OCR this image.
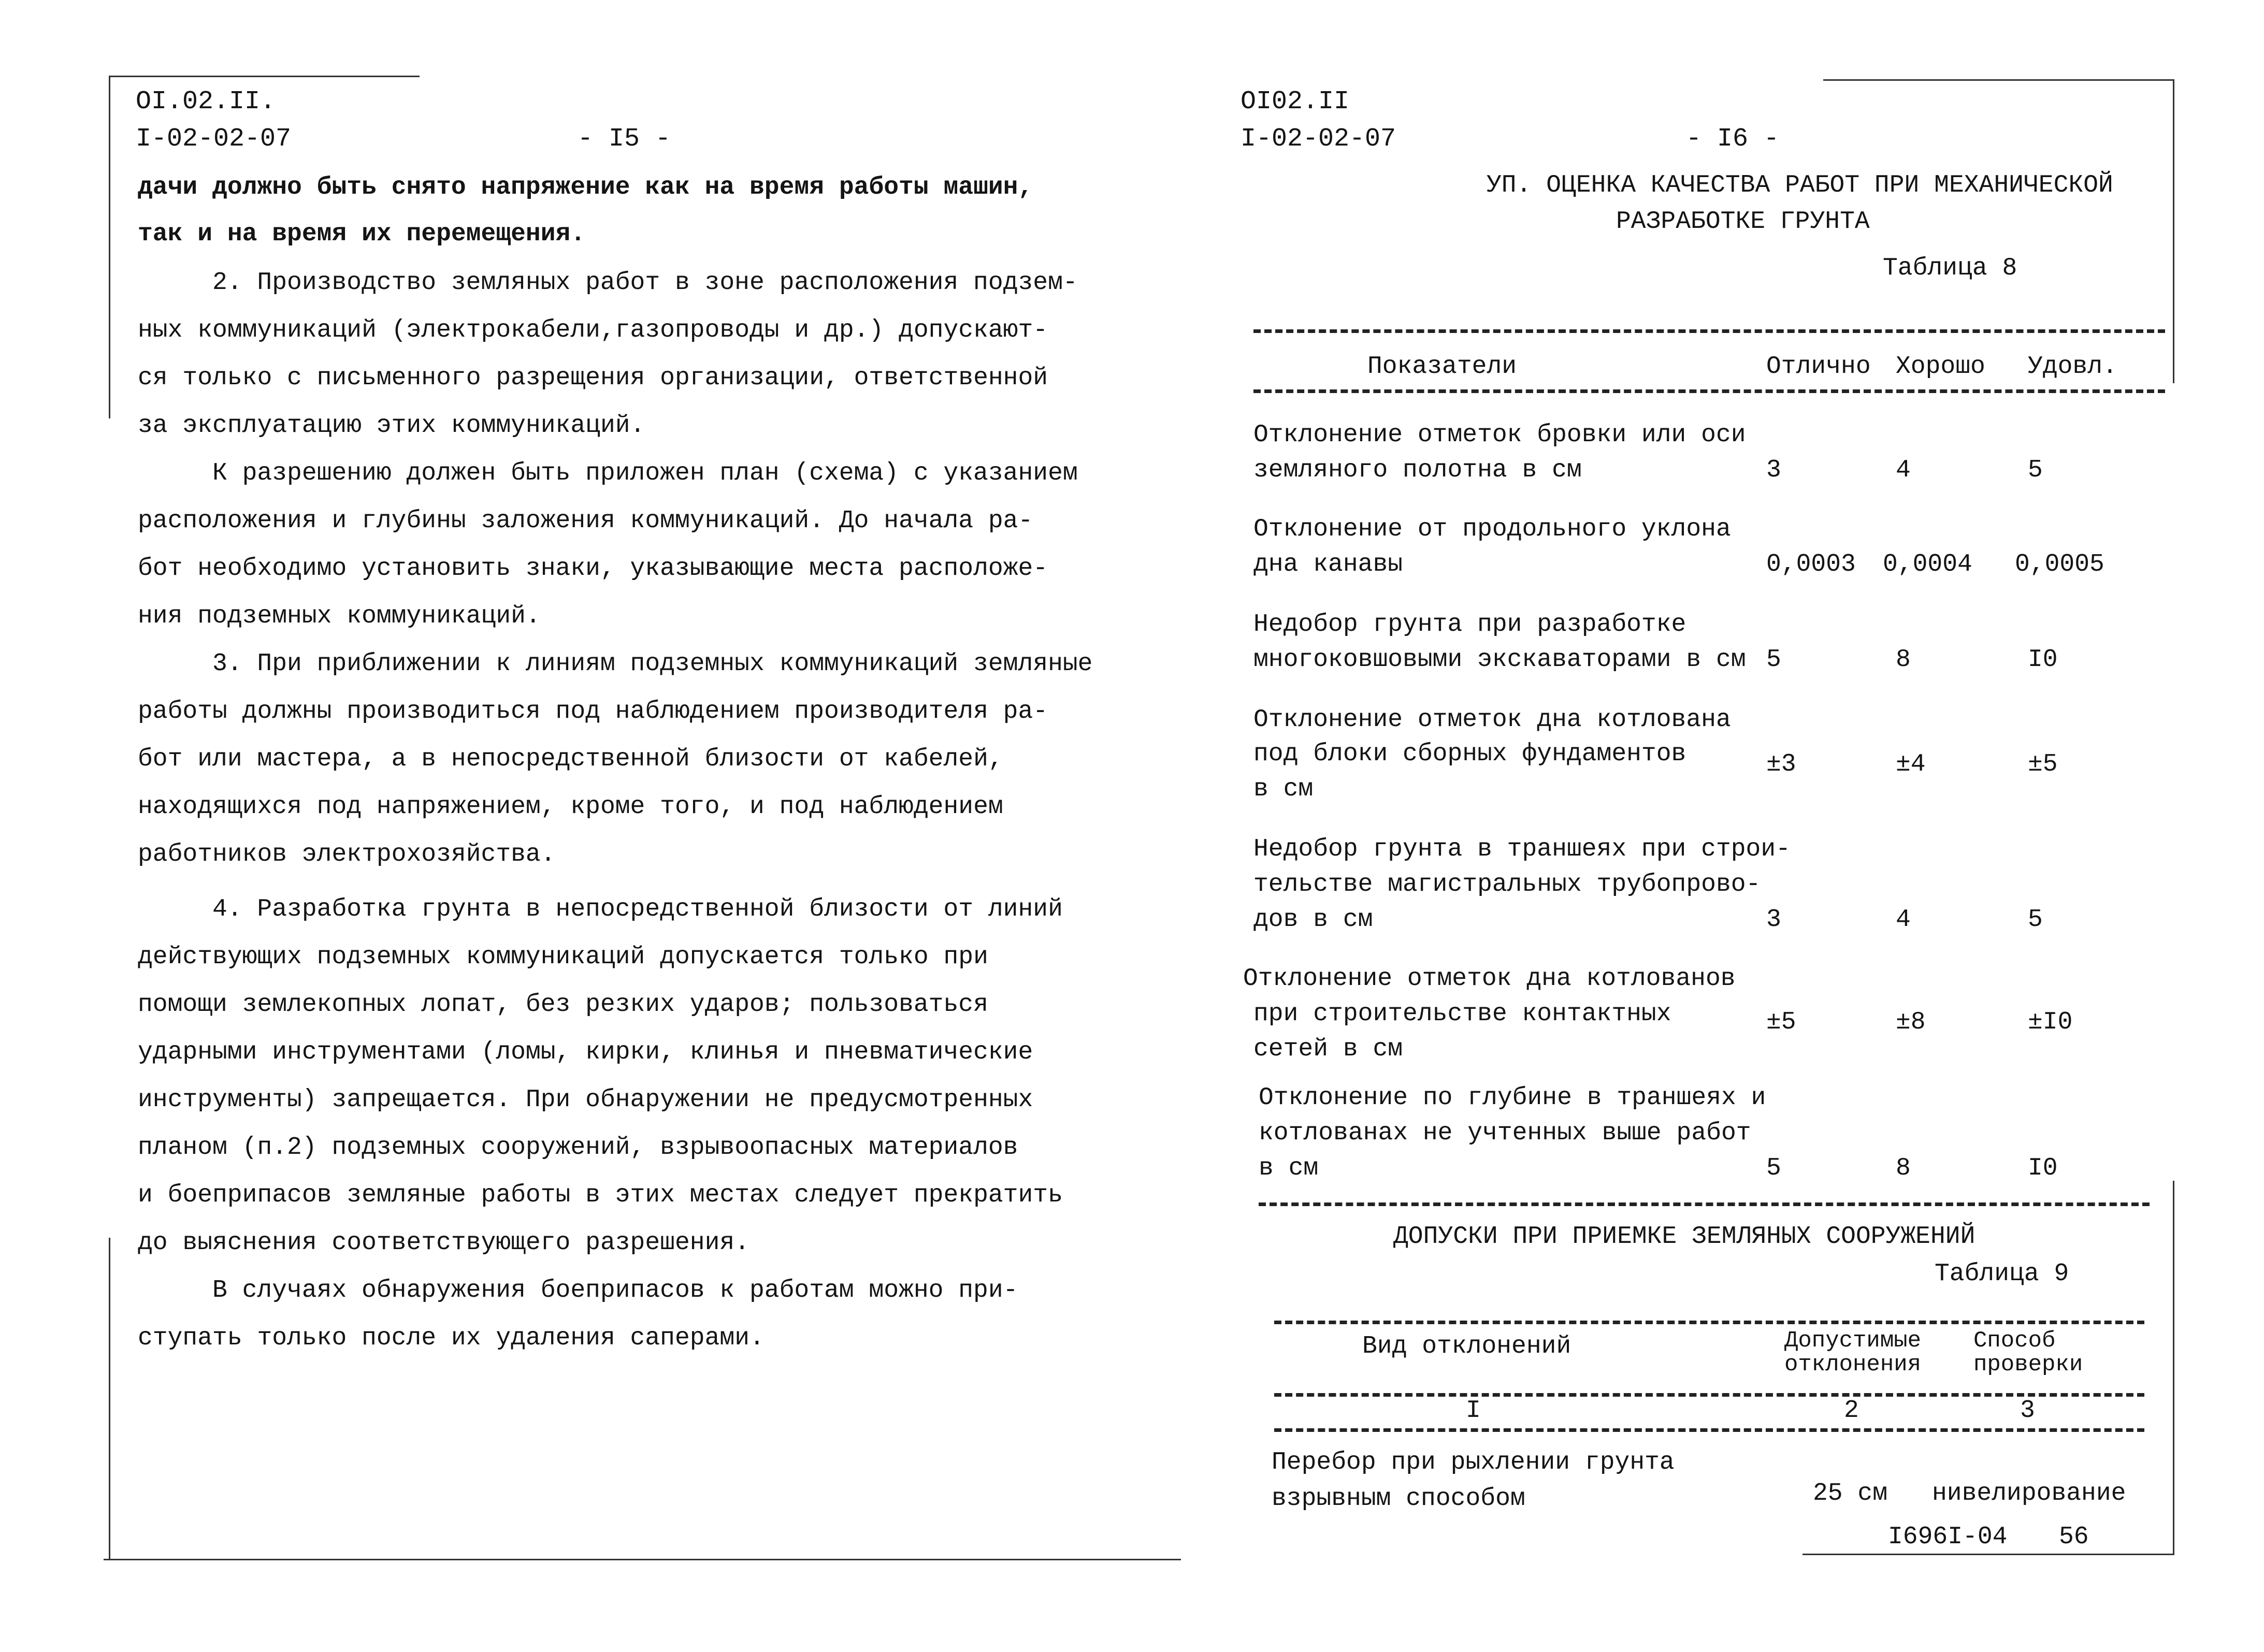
OI.02.II.
I-02-02-07	- I5 -
дачи должно быть снято напряжение как на время работы машин,
так и на время их перемещения.
2. Производство земляных работ в зоне расположения подзем-
ных коммуникаций (электрокабели,газопроводы и др.) допускают-
ся только с письменного разрещения организации, ответственной
за эксплуатацию этих коммуникаций.
К разрешению должен быть приложен план (схема) с указанием
расположения и глубины заложения коммуникаций. До начала ра-
бот необходимо установить знаки, указывающие места расположе-
ния подземных коммуникаций.
3. При приближении к линиям подземных коммуникаций земляные
работы должны производиться под наблюдением производителя ра-
бот или мастера, а в непосредственной близости от кабелей,
находящихся под напряжением, кроме того, и под наблюдением
работников электрохозяйства.
4. Разработка грунта в непосредственной близости от линий
действующих подземных коммуникаций допускается только при
помощи землекопных лопат, без резких ударов; пользоваться
ударными инструментами (ломы, кирки, клинья и пневматические
инструменты) запрещается. При обнаружении не предусмотренных
планом (п.2) подземных сооружений, взрывоопасных материалов
и боеприпасов земляные работы в этих местах следует прекратить
до выяснения соответствующего разрешения.
В случаях обнаружения боеприпасов к работам можно при-
ступать только после их удаления саперами.
OI02.II
I-02-02-07	- I6 -
УП. ОЦЕНКА КАЧЕСТВА РАБОТ ПРИ МЕХАНИЧЕСКОЙ
РАЗРАБОТКЕ ГРУНТА
Таблица 8
Показатели	Отлично Хорошо Удовл.
Отклонение отметок бровки или оси
земляного полотна в см	3	4	5
Отклонение от продольного уклона
дна канавы	0,0003 0,0004 0,0005
Недобор грунта при разработке
многоковшовыми экскаваторами в см 5	8	I0
Отклонение отметок дна котлована
под блоки сборных фундаментов
в см
±3	±4	±5
Недобор грунта в траншеях при строи-
тельстве магистральных трубопрово-
дов в см	3	4	5
Отклонение отметок дна котлованов
при строительстве контактных
сетей в см
±5	±8	±I0
Отклонение по глубине в траншеях и
котлованах не учтенных выше работ
в см	5	8	I0
ДОПУСКИ ПРИ ПРИЕМКЕ ЗЕМЛЯНЫХ СООРУЖЕНИЙ
Таблица 9
Вид отклонений	Допустимые
отклонения
Способ
проверки
I	2	3
Перебор при рыхлении грунта
взрывным способом	25 см нивелирование
I696I-04 56
